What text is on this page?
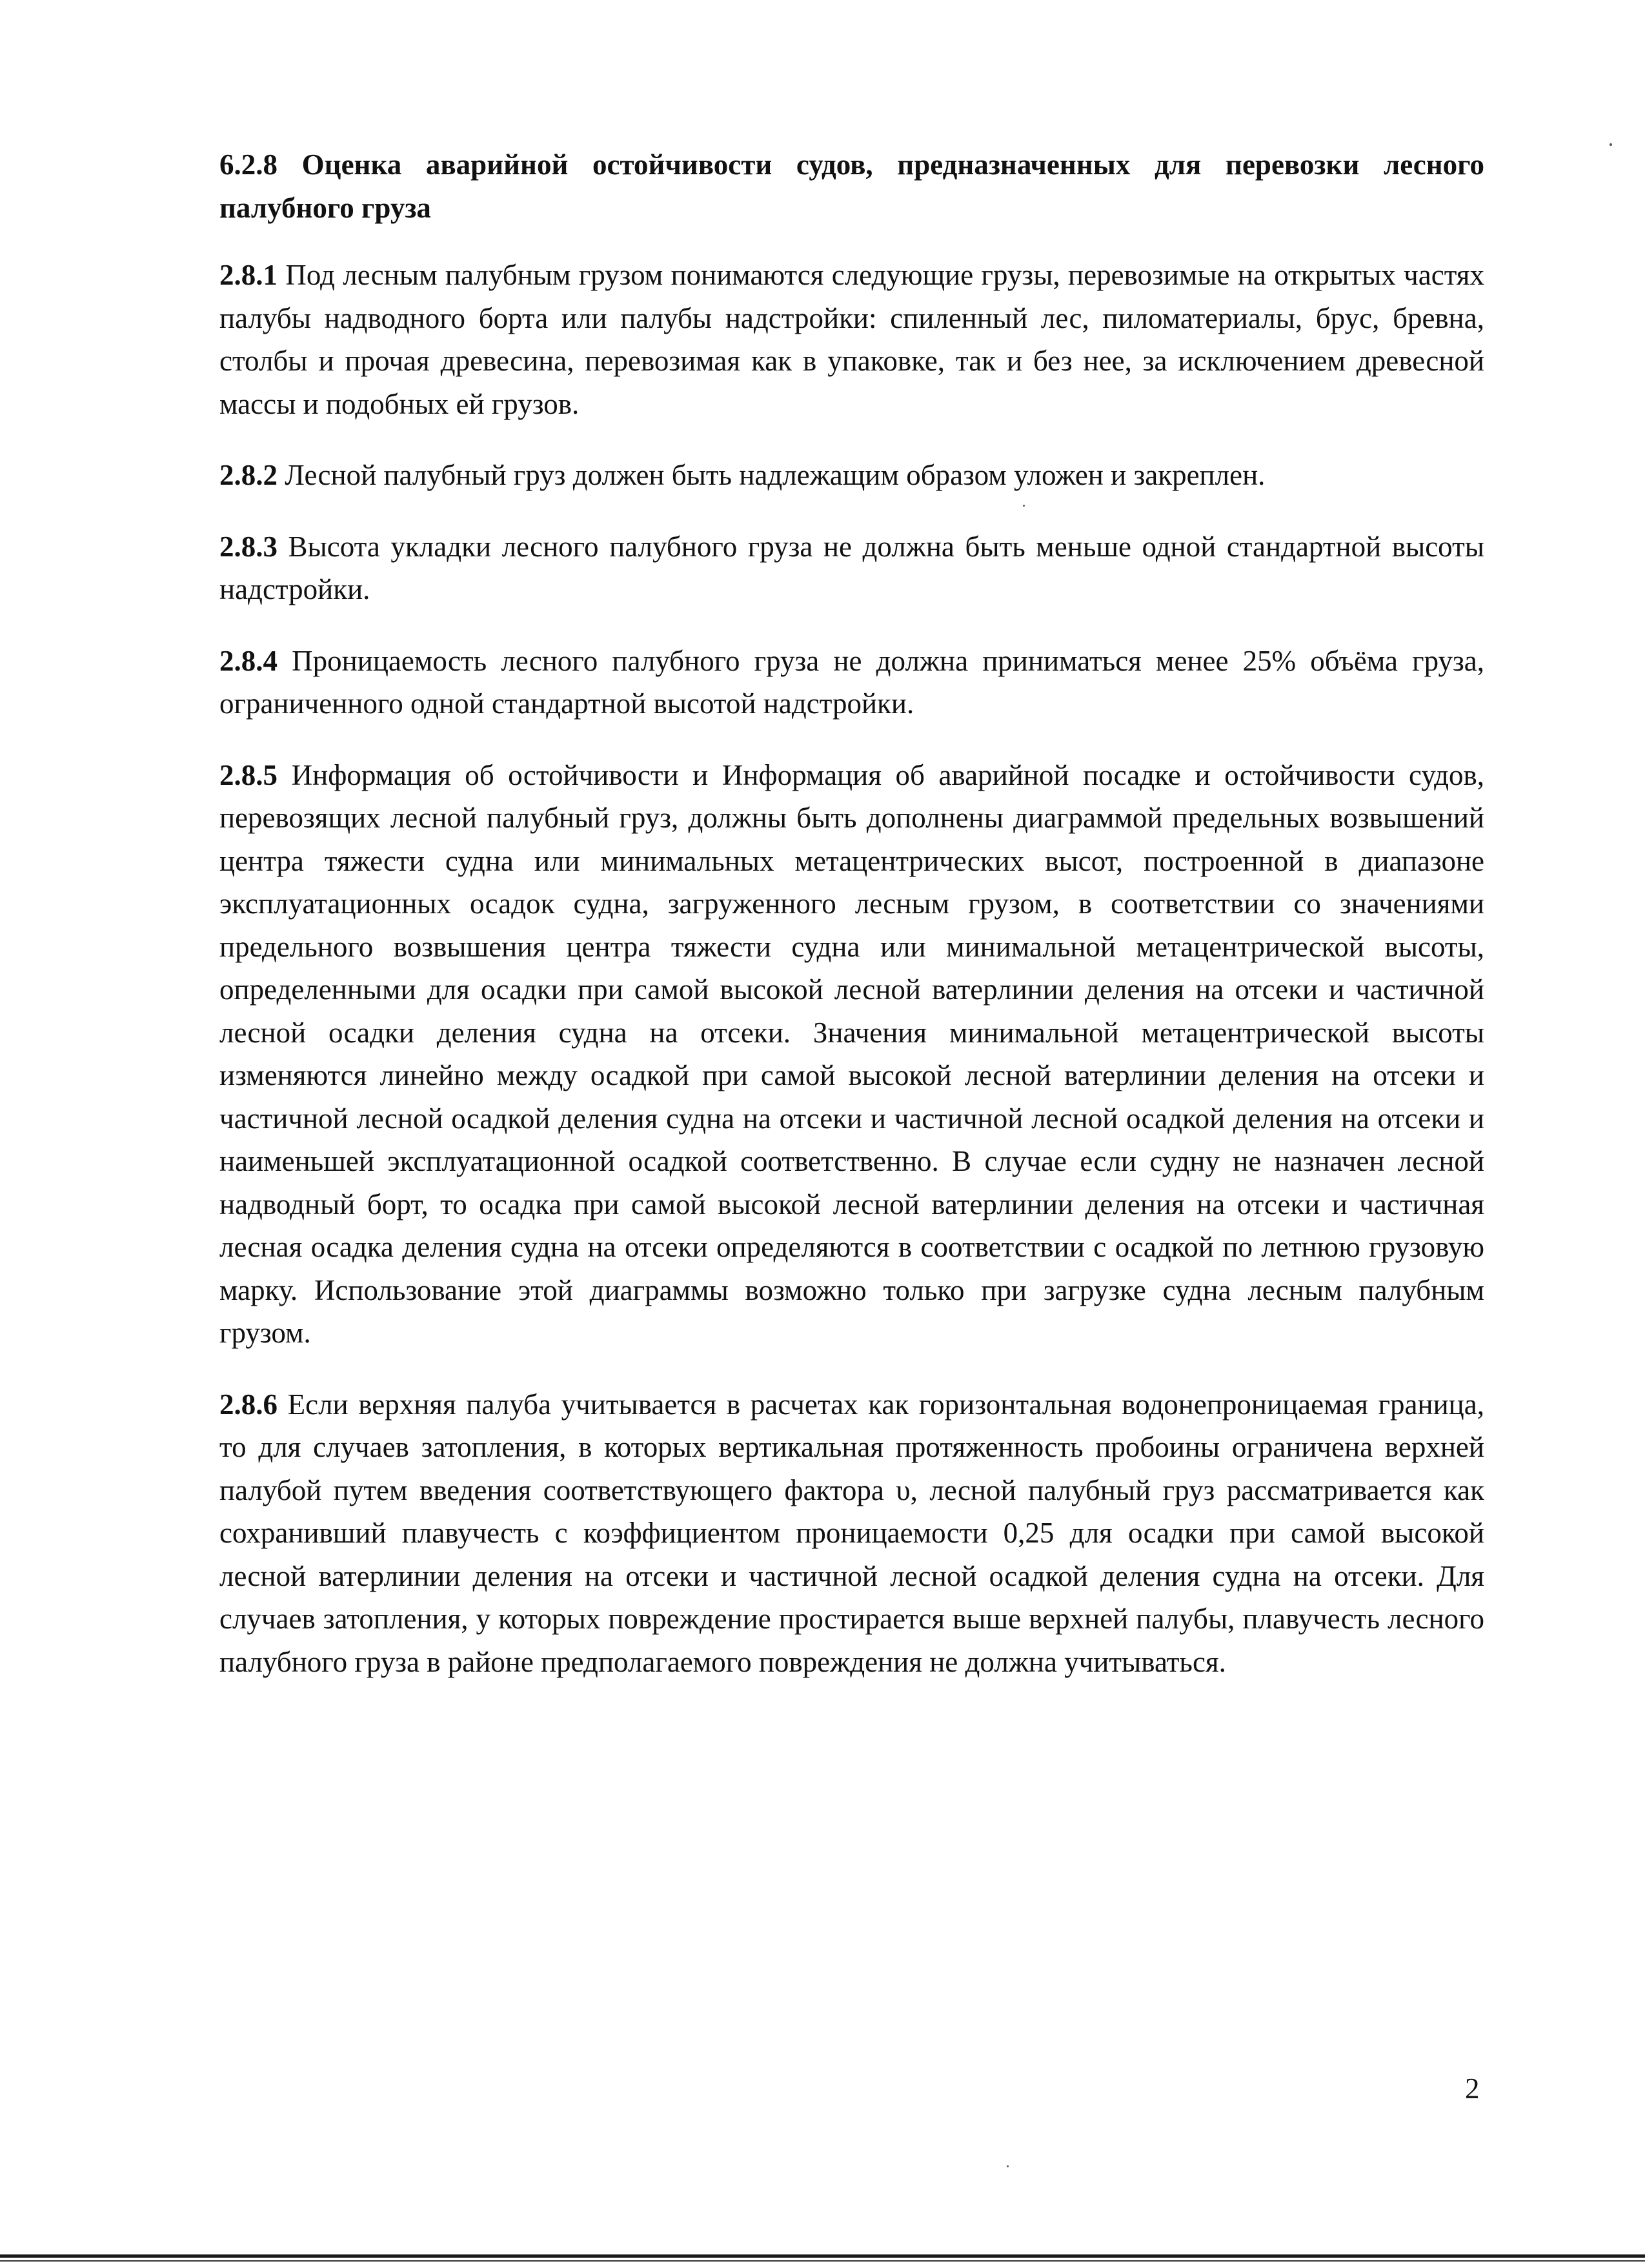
6.2.8 Оценка аварийной остойчивости судов, предназначенных для перевозки лесного палубного груза

2.8.1 Под лесным палубным грузом понимаются следующие грузы, перевозимые на открытых частях палубы надводного борта или палубы надстройки: спиленный лес, пиломатериалы, брус, бревна, столбы и прочая древесина, перевозимая как в упаковке, так и без нее, за исключением древесной массы и подобных ей грузов.

2.8.2 Лесной палубный груз должен быть надлежащим образом уложен и закреплен.

2.8.3 Высота укладки лесного палубного груза не должна быть меньше одной стандартной высоты надстройки.

2.8.4 Проницаемость лесного палубного груза не должна приниматься менее 25% объёма груза, ограниченного одной стандартной высотой надстройки.

2.8.5 Информация об остойчивости и Информация об аварийной посадке и остойчивости судов, перевозящих лесной палубный груз, должны быть дополнены диаграммой предельных возвышений центра тяжести судна или минимальных метацентрических высот, построенной в диапазоне эксплуатационных осадок судна, загруженного лесным грузом, в соответствии со значениями предельного возвышения центра тяжести судна или минимальной метацентрической высоты, определенными для осадки при самой высокой лесной ватерлинии деления на отсеки и частичной лесной осадки деления судна на отсеки. Значения минимальной метацентрической высоты изменяются линейно между осадкой при самой высокой лесной ватерлинии деления на отсеки и частичной лесной осадкой деления судна на отсеки и частичной лесной осадкой деления на отсеки и наименьшей эксплуатационной осадкой соответственно. В случае если судну не назначен лесной надводный борт, то осадка при самой высокой лесной ватерлинии деления на отсеки и частичная лесная осадка деления судна на отсеки определяются в соответствии с осадкой по летнюю грузовую марку. Использование этой диаграммы возможно только при загрузке судна лесным палубным грузом.

2.8.6 Если верхняя палуба учитывается в расчетах как горизонтальная водонепроницаемая граница, то для случаев затопления, в которых вертикальная протяженность пробоины ограничена верхней палубой путем введения соответствующего фактора υ, лесной палубный груз рассматривается как сохранивший плавучесть с коэффициентом проницаемости 0,25 для осадки при самой высокой лесной ватерлинии деления на отсеки и частичной лесной осадкой деления судна на отсеки. Для случаев затопления, у которых повреждение простирается выше верхней палубы, плавучесть лесного палубного груза в районе предполагаемого повреждения не должна учитываться.

2
